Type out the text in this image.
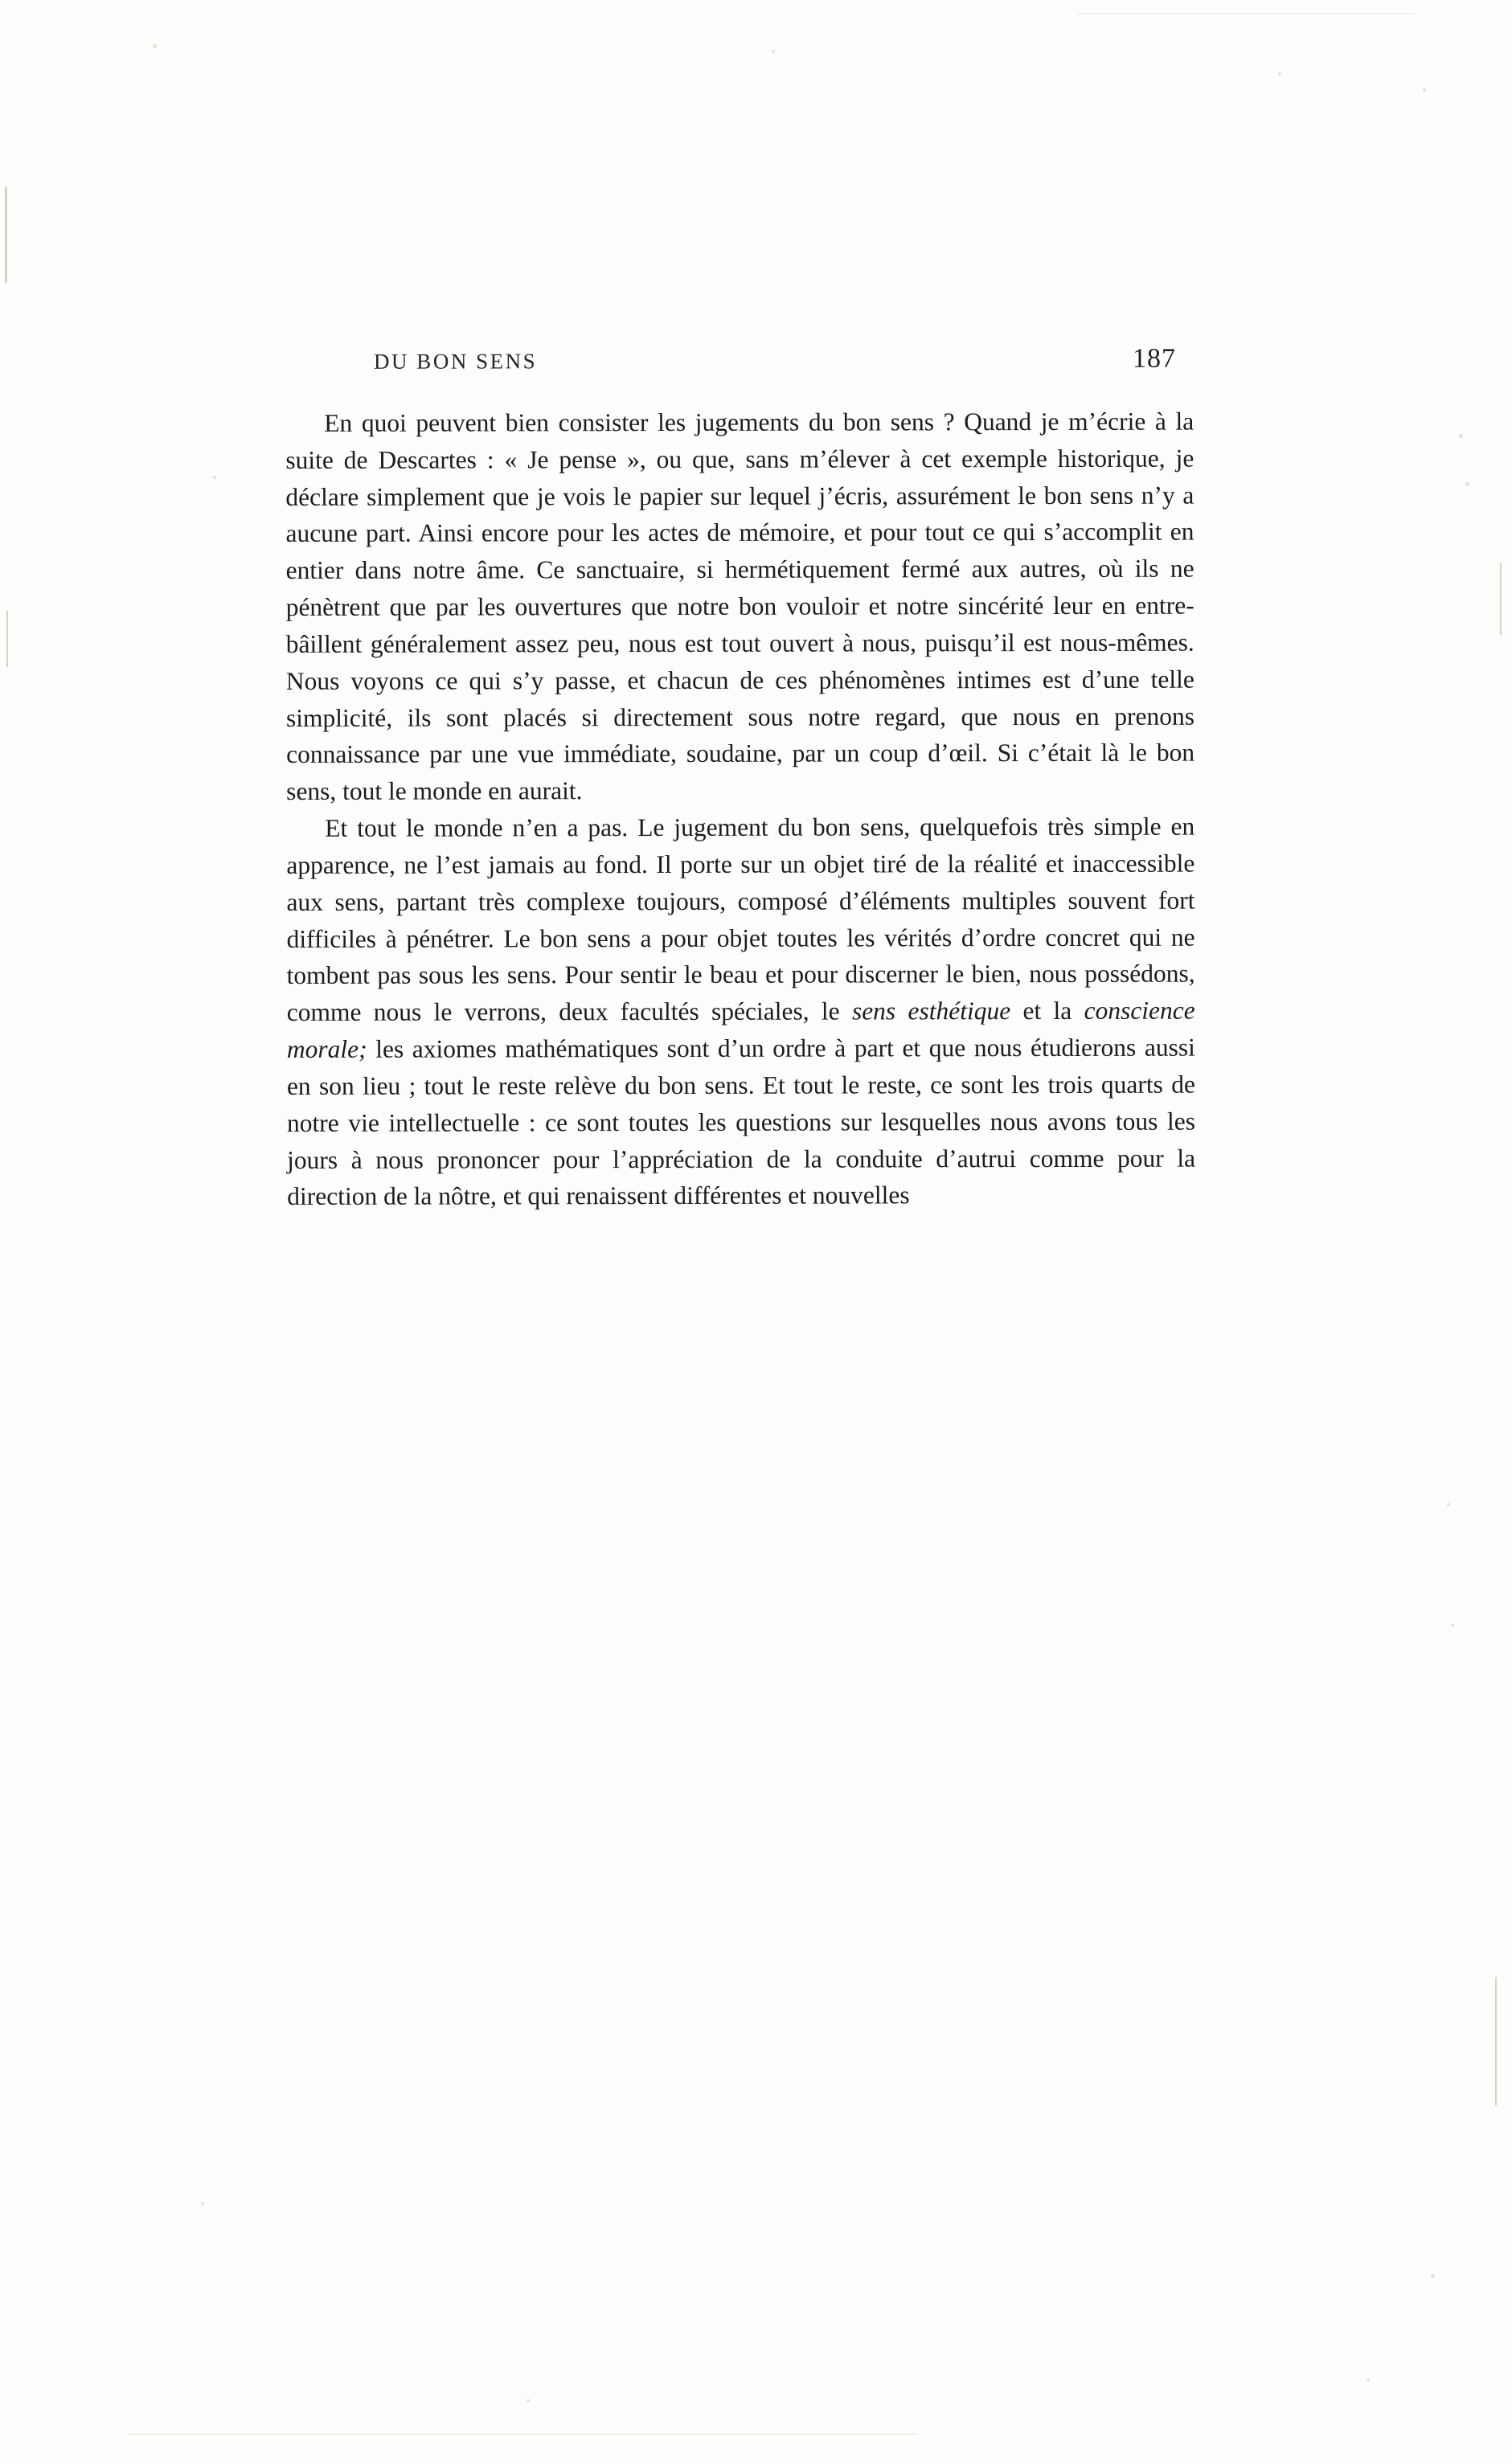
DU BON SENS	187

En quoi peuvent bien consister les jugements du bon sens ? Quand je m’écrie à la suite de Descartes : « Je pense », ou que, sans m’élever à cet exemple historique, je déclare simplement que je vois le papier sur lequel j’écris, assurément le bon sens n’y a aucune part. Ainsi encore pour les actes de mémoire, et pour tout ce qui s’accomplit en entier dans notre âme. Ce sanctuaire, si hermétiquement fermé aux autres, où ils ne pénètrent que par les ouvertures que notre bon vouloir et notre sincérité leur en entre-bâillent généralement assez peu, nous est tout ouvert à nous, puisqu’il est nous-mêmes. Nous voyons ce qui s’y passe, et chacun de ces phénomènes intimes est d’une telle simplicité, ils sont placés si directement sous notre regard, que nous en prenons connaissance par une vue immédiate, soudaine, par un coup d’œil. Si c’était là le bon sens, tout le monde en aurait.

Et tout le monde n’en a pas. Le jugement du bon sens, quelquefois très simple en apparence, ne l’est jamais au fond. Il porte sur un objet tiré de la réalité et inaccessible aux sens, partant très complexe toujours, composé d’éléments multiples souvent fort difficiles à pénétrer. Le bon sens a pour objet toutes les vérités d’ordre concret qui ne tombent pas sous les sens. Pour sentir le beau et pour discerner le bien, nous possédons, comme nous le verrons, deux facultés spéciales, le sens esthétique et la conscience morale; les axiomes mathématiques sont d’un ordre à part et que nous étudierons aussi en son lieu ; tout le reste relève du bon sens. Et tout le reste, ce sont les trois quarts de notre vie intellectuelle : ce sont toutes les questions sur lesquelles nous avons tous les jours à nous prononcer pour l’appréciation de la conduite d’autrui comme pour la direction de la nôtre, et qui renaissent différentes et nouvelles
